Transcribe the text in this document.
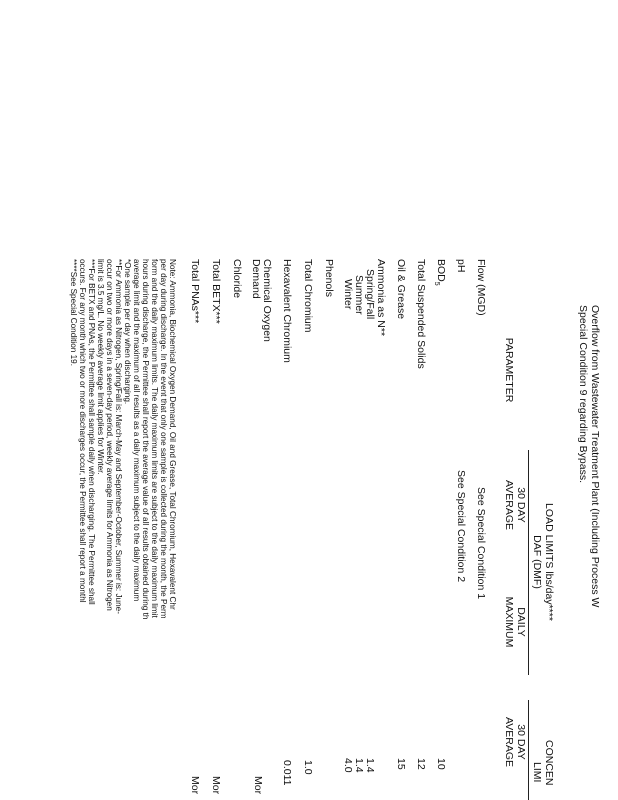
Overflow from Wastewater Treatment Plant (Including Process W
Special Condition 9 regarding Bypass.
PARAMETER
LOAD LIMITS lbs/day****
DAF (DMF)
30 DAY
AVERAGE
DAILY
MAXIMUM
CONCEN
LIMI
30 DAY
AVERAGE
Flow (MGD)
pH
$BOD_5$
Total Suspended Solids
Oil & Grease
Ammonia as N**
Spring/Fall
Summer
Winter
Phenols
Total Chromium
Hexavalent Chromium
Chemical Oxygen
Demand
Chloride
Total BETX***
Total PNAs***
See Special Condition 1
See Special Condition 2
10
12
15
1.4
1.4
4.0
1.0
0.011
Mor
Mor
Mor
Note: Ammonia, Biochemical Oxygen Demand, Oil and Grease, Total Chromium, Hexavalent Chr
per day during discharge. In the event that only one sample is collected during the month, the Perm
form and the daily maximum limits. The daily maximum limits are subject to the daily maximum limit
hours during discharge, the Permittee shall report the average value of all results obtained during th
average limit and the maximum of all results as a daily maximum subject to the daily maximum
*One sample per day when discharging.
**For Ammonia as Nitrogen, Spring/Fall is: March-May and September-October, Summer is: June-
occur on two or more days in a seven-day period, weekly average limits for Ammonia as Nitrogen
limit is 3.5 mg/L. No weekly average limit applies for Winter.
***For BETX and PNAs, the Permittee shall sample daily when discharging. The Permittee shall
occurs. For any month which two or more discharges occur, the Permittee shall report a monthl
****See Special Condition 19.
